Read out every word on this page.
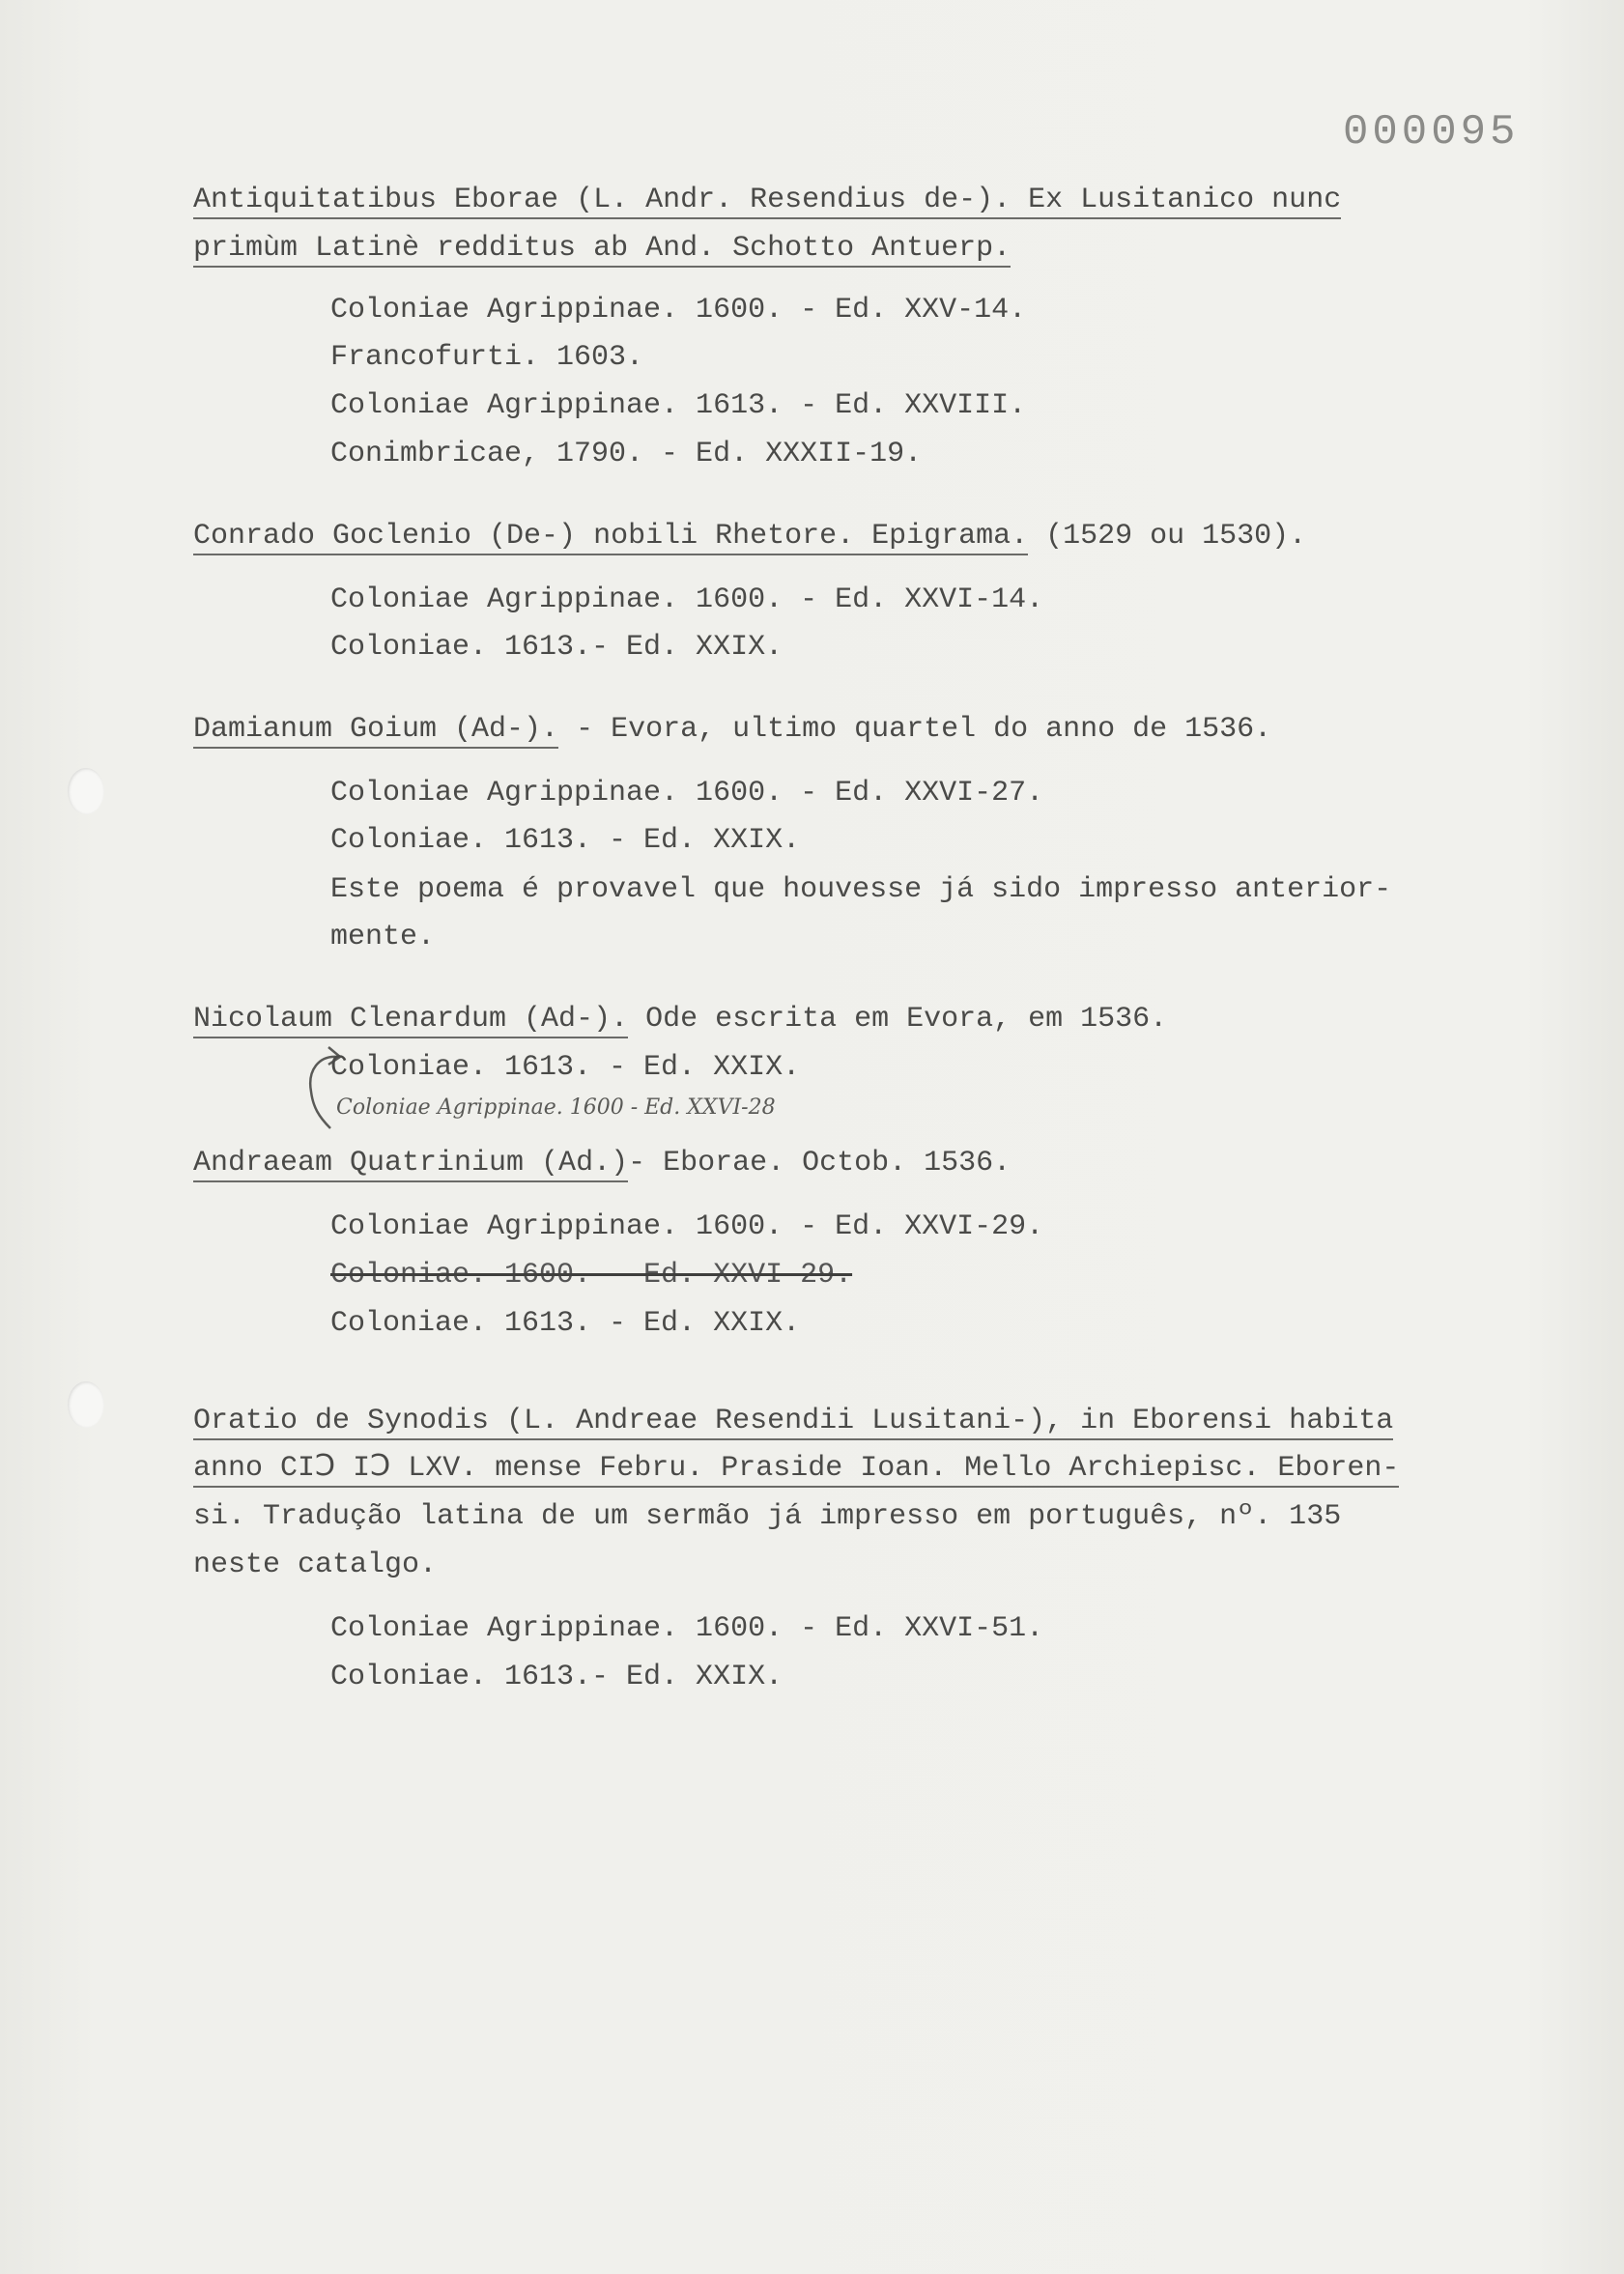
000095
Antiquitatibus Eborae (L. Andr. Resendius de-). Ex Lusitanico nunc
primùm Latinè redditus ab And. Schotto Antuerp.
Coloniae Agrippinae. 1600. - Ed. XXV-14.
Francofurti. 1603.
Coloniae Agrippinae. 1613. - Ed. XXVIII.
Conimbricae, 1790. - Ed. XXXII-19.
Conrado Goclenio (De-) nobili Rhetore. Epigrama. (1529 ou 1530).
Coloniae Agrippinae. 1600. - Ed. XXVI-14.
Coloniae. 1613.- Ed. XXIX.
Damianum Goium (Ad-). - Evora, ultimo quartel do anno de 1536.
Coloniae Agrippinae. 1600. - Ed. XXVI-27.
Coloniae. 1613. - Ed. XXIX.
Este poema é provavel que houvesse já sido impresso anterior-
mente.
Nicolaum Clenardum (Ad-). Ode escrita em Evora, em 1536.
Coloniae. 1613. - Ed. XXIX.
Coloniae Agrippinae. 1600 - Ed. XXVI-28
Andraeam Quatrinium (Ad.)- Eborae. Octob. 1536.
Coloniae Agrippinae. 1600. - Ed. XXVI-29.
Coloniae. 1600. - Ed. XXVI-29.
Coloniae. 1613. - Ed. XXIX.
Oratio de Synodis (L. Andreae Resendii Lusitani-), in Eborensi habita
anno CIↃ IↃ LXV. mense Febru. Praside Ioan. Mello Archiepisc. Eboren-
si. Tradução latina de um sermão já impresso em português, nº. 135
neste catalgo.
Coloniae Agrippinae. 1600. - Ed. XXVI-51.
Coloniae. 1613.- Ed. XXIX.
